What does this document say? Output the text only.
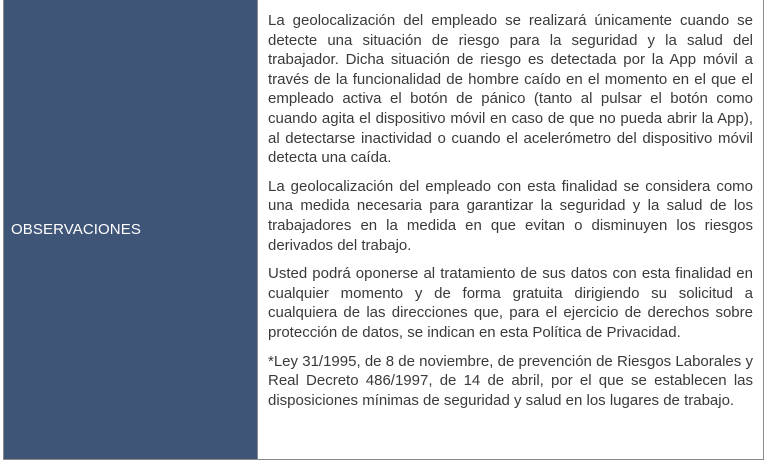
OBSERVACIONES

La geolocalización del empleado se realizará únicamente cuando se detecte una situación de riesgo para la seguridad y la salud del trabajador. Dicha situación de riesgo es detectada por la App móvil a través de la funcionalidad de hombre caído en el momento en el que el empleado activa el botón de pánico (tanto al pulsar el botón como cuando agita el dispositivo móvil en caso de que no pueda abrir la App), al detectarse inactividad o cuando el acelerómetro del dispositivo móvil detecta una caída.

La geolocalización del empleado con esta finalidad se considera como una medida necesaria para garantizar la seguridad y la salud de los trabajadores en la medida en que evitan o disminuyen los riesgos derivados del trabajo.

Usted podrá oponerse al tratamiento de sus datos con esta finalidad en cualquier momento y de forma gratuita dirigiendo su solicitud a cualquiera de las direcciones que, para el ejercicio de derechos sobre protección de datos, se indican en esta Política de Privacidad.

*Ley 31/1995, de 8 de noviembre, de prevención de Riesgos Laborales y Real Decreto 486/1997, de 14 de abril, por el que se establecen las disposiciones mínimas de seguridad y salud en los lugares de trabajo.
